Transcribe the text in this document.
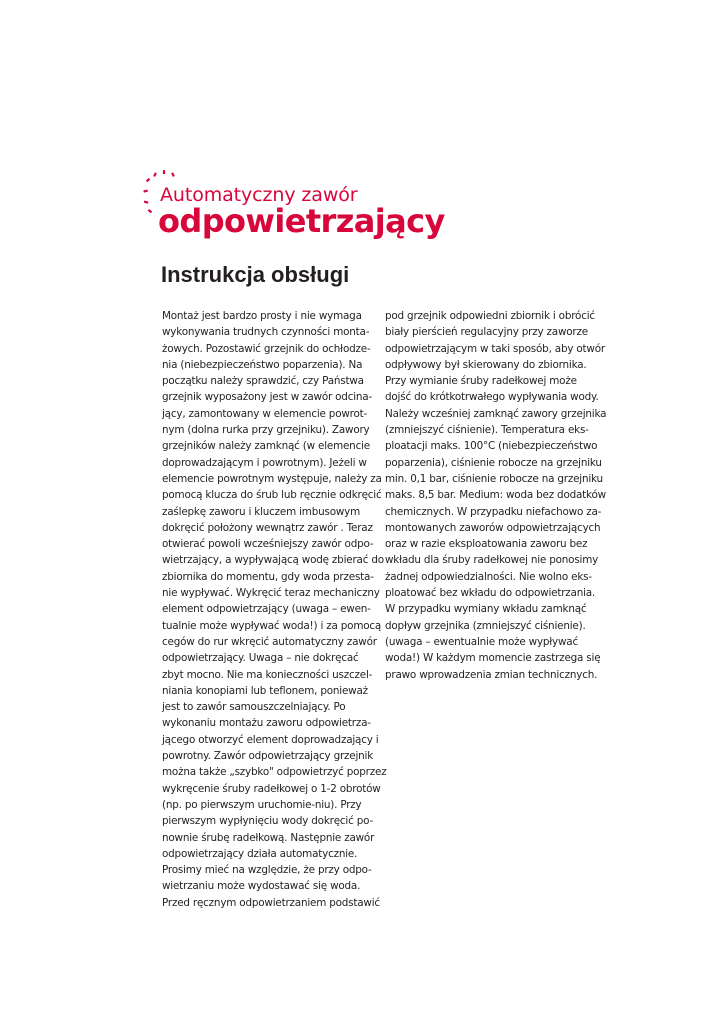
Automatyczny zawór
odpowietrzający
Instrukcja obsługi
Montaż jest bardzo prosty i nie wymaga
wykonywania trudnych czynności monta-
żowych. Pozostawić grzejnik do ochłodze-
nia (niebezpieczeństwo poparzenia). Na
początku należy sprawdzić, czy Państwa
grzejnik wyposażony jest w zawór odcina-
jący, zamontowany w elemencie powrot-
nym (dolna rurka przy grzejniku). Zawory
grzejników należy zamknąć (w elemencie
doprowadzającym i powrotnym). Jeżeli w
elemencie powrotnym występuje, należy za
pomocą klucza do śrub lub ręcznie odkręcić
zaślepkę zaworu i kluczem imbusowym
dokręcić położony wewnątrz zawór . Teraz
otwierać powoli wcześniejszy zawór odpo-
wietrzający, a wypływającą wodę zbierać do
zbiornika do momentu, gdy woda przesta-
nie wypływać. Wykręcić teraz mechaniczny
element odpowietrzający (uwaga – ewen-
tualnie może wypływać woda!) i za pomocą
cegów do rur wkręcić automatyczny zawór
odpowietrzający. Uwaga – nie dokręcać
zbyt mocno. Nie ma konieczności uszczel-
niania konopiami lub teflonem, ponieważ
jest to zawór samouszczelniający. Po
wykonaniu montażu zaworu odpowietrza-
jącego otworzyć element doprowadzający i
powrotny. Zawór odpowietrzający grzejnik
można także „szybko" odpowietrzyć poprzez
wykręcenie śruby radełkowej o 1-2 obrotów
(np. po pierwszym uruchomie-niu). Przy
pierwszym wypłynięciu wody dokręcić po-
nownie śrubę radełkową. Następnie zawór
odpowietrzający działa automatycznie.
Prosimy mieć na względzie, że przy odpo-
wietrzaniu może wydostawać się woda.
Przed ręcznym odpowietrzaniem podstawić
pod grzejnik odpowiedni zbiornik i obrócić
biały pierścień regulacyjny przy zaworze
odpowietrzającym w taki sposób, aby otwór
odpływowy był skierowany do zbiornika.
Przy wymianie śruby radełkowej może
dojść do krótkotrwałego wypływania wody.
Należy wcześniej zamknąć zawory grzejnika
(zmniejszyć ciśnienie). Temperatura eks-
ploatacji maks. 100°C (niebezpieczeństwo
poparzenia), ciśnienie robocze na grzejniku
min. 0,1 bar, ciśnienie robocze na grzejniku
maks. 8,5 bar. Medium: woda bez dodatków
chemicznych. W przypadku niefachowo za-
montowanych zaworów odpowietrzających
oraz w razie eksploatowania zaworu bez
wkładu dla śruby radełkowej nie ponosimy
żadnej odpowiedzialności. Nie wolno eks-
ploatować bez wkładu do odpowietrzania.
W przypadku wymiany wkładu zamknąć
dopływ grzejnika (zmniejszyć ciśnienie).
(uwaga – ewentualnie może wypływać
woda!) W każdym momencie zastrzega się
prawo wprowadzenia zmian technicznych.
